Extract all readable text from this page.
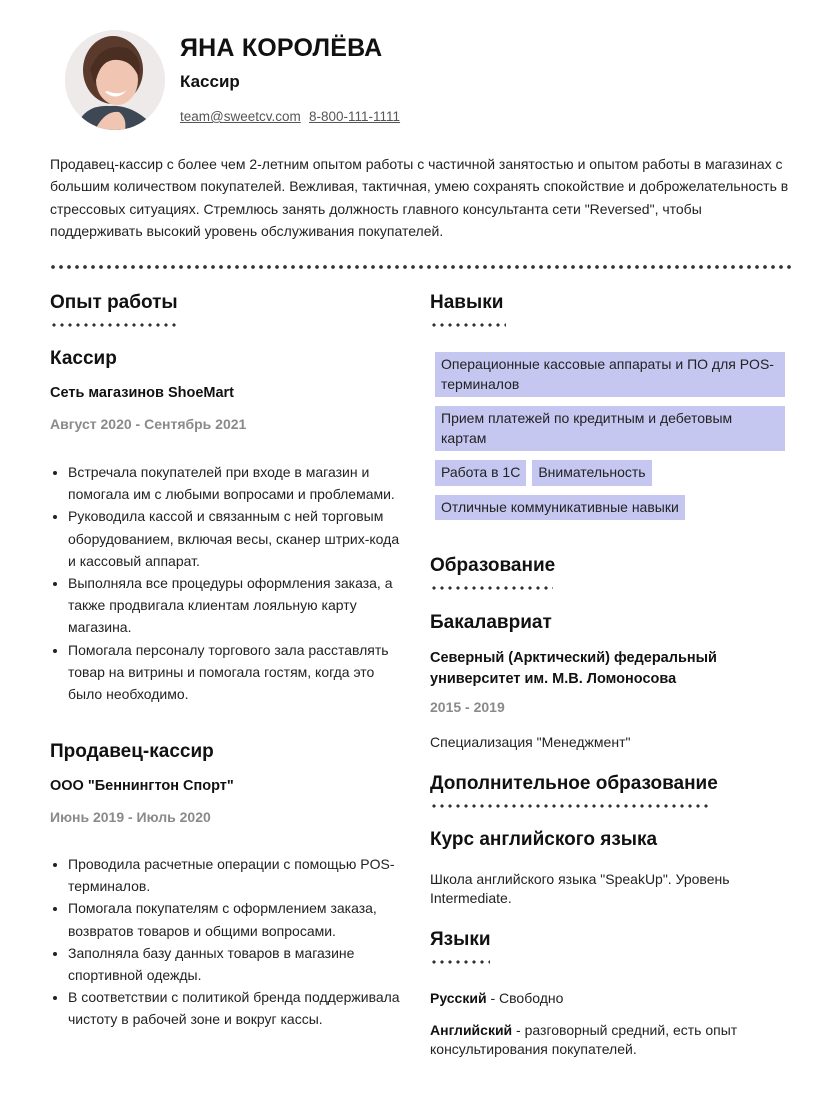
ЯНА КОРОЛЁВА
Кассир
team@sweetcv.com 8-800-111-1111
Продавец-кассир с более чем 2-летним опытом работы с частичной занятостью и опытом работы в магазинах с большим количеством покупателей. Вежливая, тактичная, умею сохранять спокойствие и доброжелательность в стрессовых ситуациях. Стремлюсь занять должность главного консультанта сети "Reversed", чтобы поддерживать высокий уровень обслуживания покупателей.
Опыт работы
Кассир
Сеть магазинов ShoeMart
Август 2020 - Сентябрь 2021
• Встречала покупателей при входе в магазин и помогала им с любыми вопросами и проблемами.
• Руководила кассой и связанным с ней торговым оборудованием, включая весы, сканер штрих-кода и кассовый аппарат.
• Выполняла все процедуры оформления заказа, а также продвигала клиентам лояльную карту магазина.
• Помогала персоналу торгового зала расставлять товар на витрины и помогала гостям, когда это было необходимо.
Продавец-кассир
ООО "Беннингтон Спорт"
Июнь 2019 - Июль 2020
• Проводила расчетные операции с помощью POS-терминалов.
• Помогала покупателям с оформлением заказа, возвратов товаров и общими вопросами.
• Заполняла базу данных товаров в магазине спортивной одежды.
• В соответствии с политикой бренда поддерживала чистоту в рабочей зоне и вокруг кассы.
Навыки
Операционные кассовые аппараты и ПО для POS-терминалов
Прием платежей по кредитным и дебетовым картам
Работа в 1С Внимательность Отличные коммуникативные навыки
Образование
Бакалавриат
Северный (Арктический) федеральный университет им. М.В. Ломоносова
2015 - 2019
Специализация "Менеджмент"
Дополнительное образование
Курс английского языка
Школа английского языка "SpeakUp". Уровень Intermediate.
Языки
Русский - Свободно
Английский - разговорный средний, есть опыт консультирования покупателей.
